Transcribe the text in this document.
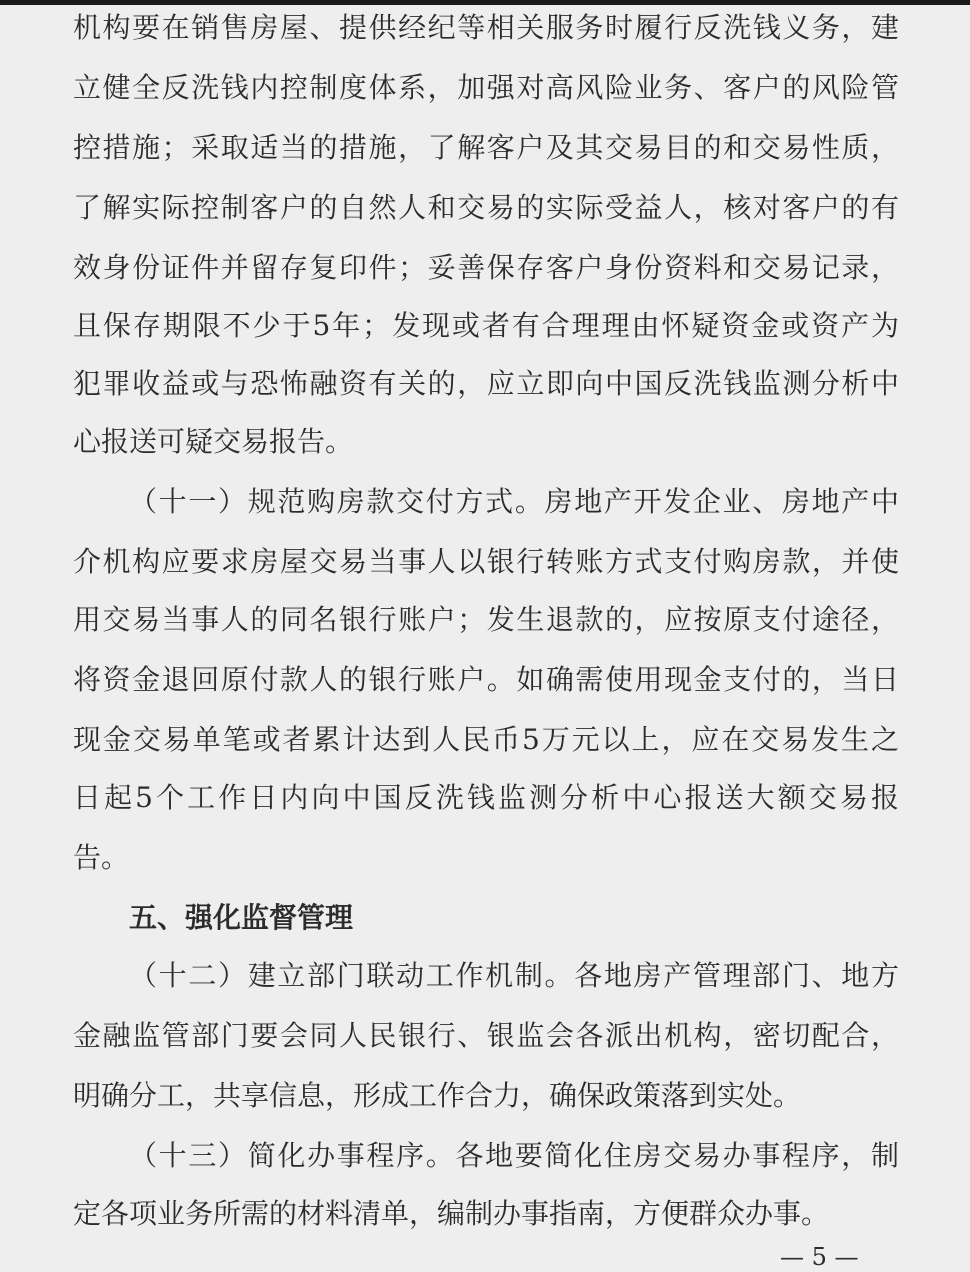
机构要在销售房屋、提供经纪等相关服务时履行反洗钱义务，建
立健全反洗钱内控制度体系，加强对高风险业务、客户的风险管
控措施；采取适当的措施，了解客户及其交易目的和交易性质，
了解实际控制客户的自然人和交易的实际受益人，核对客户的有
效身份证件并留存复印件；妥善保存客户身份资料和交易记录，
且保存期限不少于5年；发现或者有合理理由怀疑资金或资产为
犯罪收益或与恐怖融资有关的，应立即向中国反洗钱监测分析中
心报送可疑交易报告。
（十一）规范购房款交付方式。房地产开发企业、房地产中
介机构应要求房屋交易当事人以银行转账方式支付购房款，并使
用交易当事人的同名银行账户；发生退款的，应按原支付途径，
将资金退回原付款人的银行账户。如确需使用现金支付的，当日
现金交易单笔或者累计达到人民币5万元以上，应在交易发生之
日起5个工作日内向中国反洗钱监测分析中心报送大额交易报
告。
五、强化监督管理
（十二）建立部门联动工作机制。各地房产管理部门、地方
金融监管部门要会同人民银行、银监会各派出机构，密切配合，
明确分工，共享信息，形成工作合力，确保政策落到实处。
（十三）简化办事程序。各地要简化住房交易办事程序，制
定各项业务所需的材料清单，编制办事指南，方便群众办事。
— 5 —
